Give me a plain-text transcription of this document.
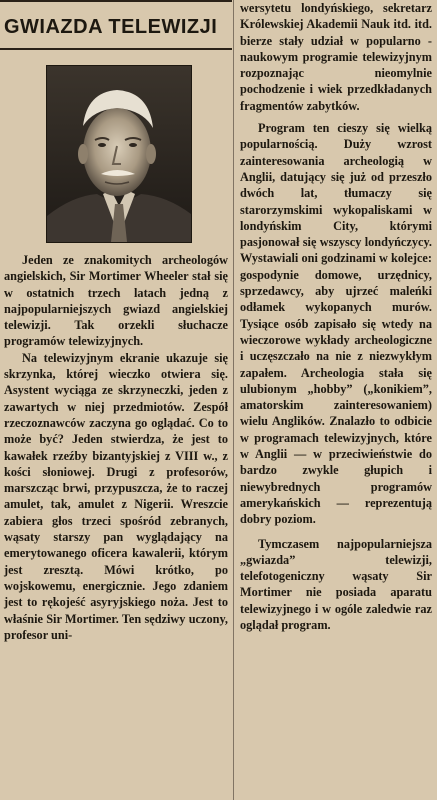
GWIAZDA TELEWIZJI

Jeden ze znakomitych archeologów angielskich, Sir Mortimer Wheeler stał się w ostatnich trzech latach jedną z najpopularniejszych gwiazd angielskiej telewizji. Tak orzekli słuchacze programów telewizyjnych.

Na telewizyjnym ekranie ukazuje się skrzynka, której wieczko otwiera się. Asystent wyciąga ze skrzyneczki, jeden z zawartych w niej przedmiotów. Zespół rzeczoznawców zaczyna go oglądać. Co to może być? Jeden stwierdza, że jest to kawałek rzeźby bizantyjskiej z VIII w., z kości słoniowej. Drugi z profesorów, marszcząc brwi, przypuszcza, że to raczej amulet, tak, amulet z Nigerii. Wreszcie zabiera głos trzeci spośród zebranych, wąsaty starszy pan wyglądający na emerytowanego oficera kawalerii, którym jest zresztą. Mówi krótko, po wojskowemu, energicznie. Jego zdaniem jest to rękojeść asyryjskiego noża. Jest to właśnie Sir Mortimer. Ten sędziwy uczony, profesor uni-

wersytetu londyńskiego, sekretarz Królewskiej Akademii Nauk itd. itd. bierze stały udział w popularno - naukowym programie telewizyjnym rozpoznając nieomylnie pochodzenie i wiek przedkładanych fragmentów zabytków.

Program ten cieszy się wielką popularnością. Duży wzrost zainteresowania archeologią w Anglii, datujący się już od przeszło dwóch lat, tłumaczy się starorzymskimi wykopaliskami w londyńskim City, którymi pasjonował się wszyscy londyńczycy. Wystawiali oni godzinami w kolejce: gospodynie domowe, urzędnicy, sprzedawcy, aby ujrzeć maleńki odłamek wykopanych murów. Tysiące osób zapisało się wtedy na wieczorowe wykłady archeologiczne i uczęszczało na nie z niezwykłym zapałem. Archeologia stała się ulubionym „hobby” („konikiem”, amatorskim zainteresowaniem) wielu Anglików. Znalazło to odbicie w programach telewizyjnych, które w Anglii — w przeciwieństwie do bardzo zwykle głupich i niewybrednych programów amerykańskich — reprezentują dobry poziom.

Tymczasem najpopularniejsza „gwiazda” telewizji, telefotogeniczny wąsaty Sir Mortimer nie posiada aparatu telewizyjnego i w ogóle zaledwie raz oglądał program.
